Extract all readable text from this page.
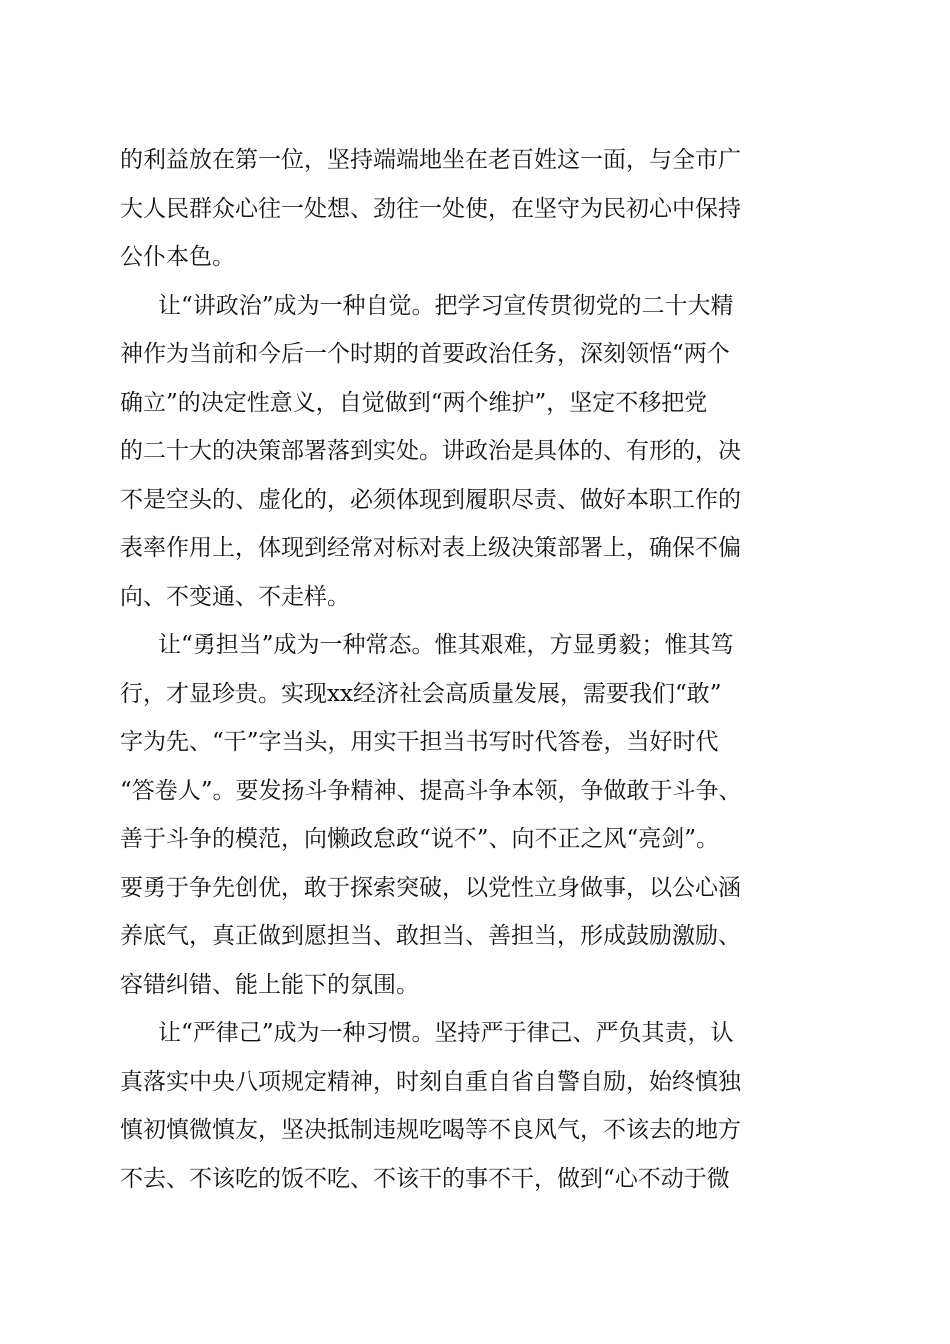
的利益放在第一位，坚持端端地坐在老百姓这一面，与全市广
大人民群众心往一处想、劲往一处使，在坚守为民初心中保持
公仆本色。
让“讲政治”成为一种自觉。把学习宣传贯彻党的二十大精
神作为当前和今后一个时期的首要政治任务，深刻领悟“两个
确立”的决定性意义，自觉做到“两个维护”，坚定不移把党
的二十大的决策部署落到实处。讲政治是具体的、有形的，决
不是空头的、虚化的，必须体现到履职尽责、做好本职工作的
表率作用上，体现到经常对标对表上级决策部署上，确保不偏
向、不变通、不走样。
让“勇担当”成为一种常态。惟其艰难，方显勇毅；惟其笃
行，才显珍贵。实现xx经济社会高质量发展，需要我们“敢”
字为先、“干”字当头，用实干担当书写时代答卷，当好时代
“答卷人”。要发扬斗争精神、提高斗争本领，争做敢于斗争、
善于斗争的模范，向懒政怠政“说不”、向不正之风“亮剑”。
要勇于争先创优，敢于探索突破，以党性立身做事，以公心涵
养底气，真正做到愿担当、敢担当、善担当，形成鼓励激励、
容错纠错、能上能下的氛围。
让“严律己”成为一种习惯。坚持严于律己、严负其责，认
真落实中央八项规定精神，时刻自重自省自警自励，始终慎独
慎初慎微慎友，坚决抵制违规吃喝等不良风气，不该去的地方
不去、不该吃的饭不吃、不该干的事不干，做到“心不动于微
